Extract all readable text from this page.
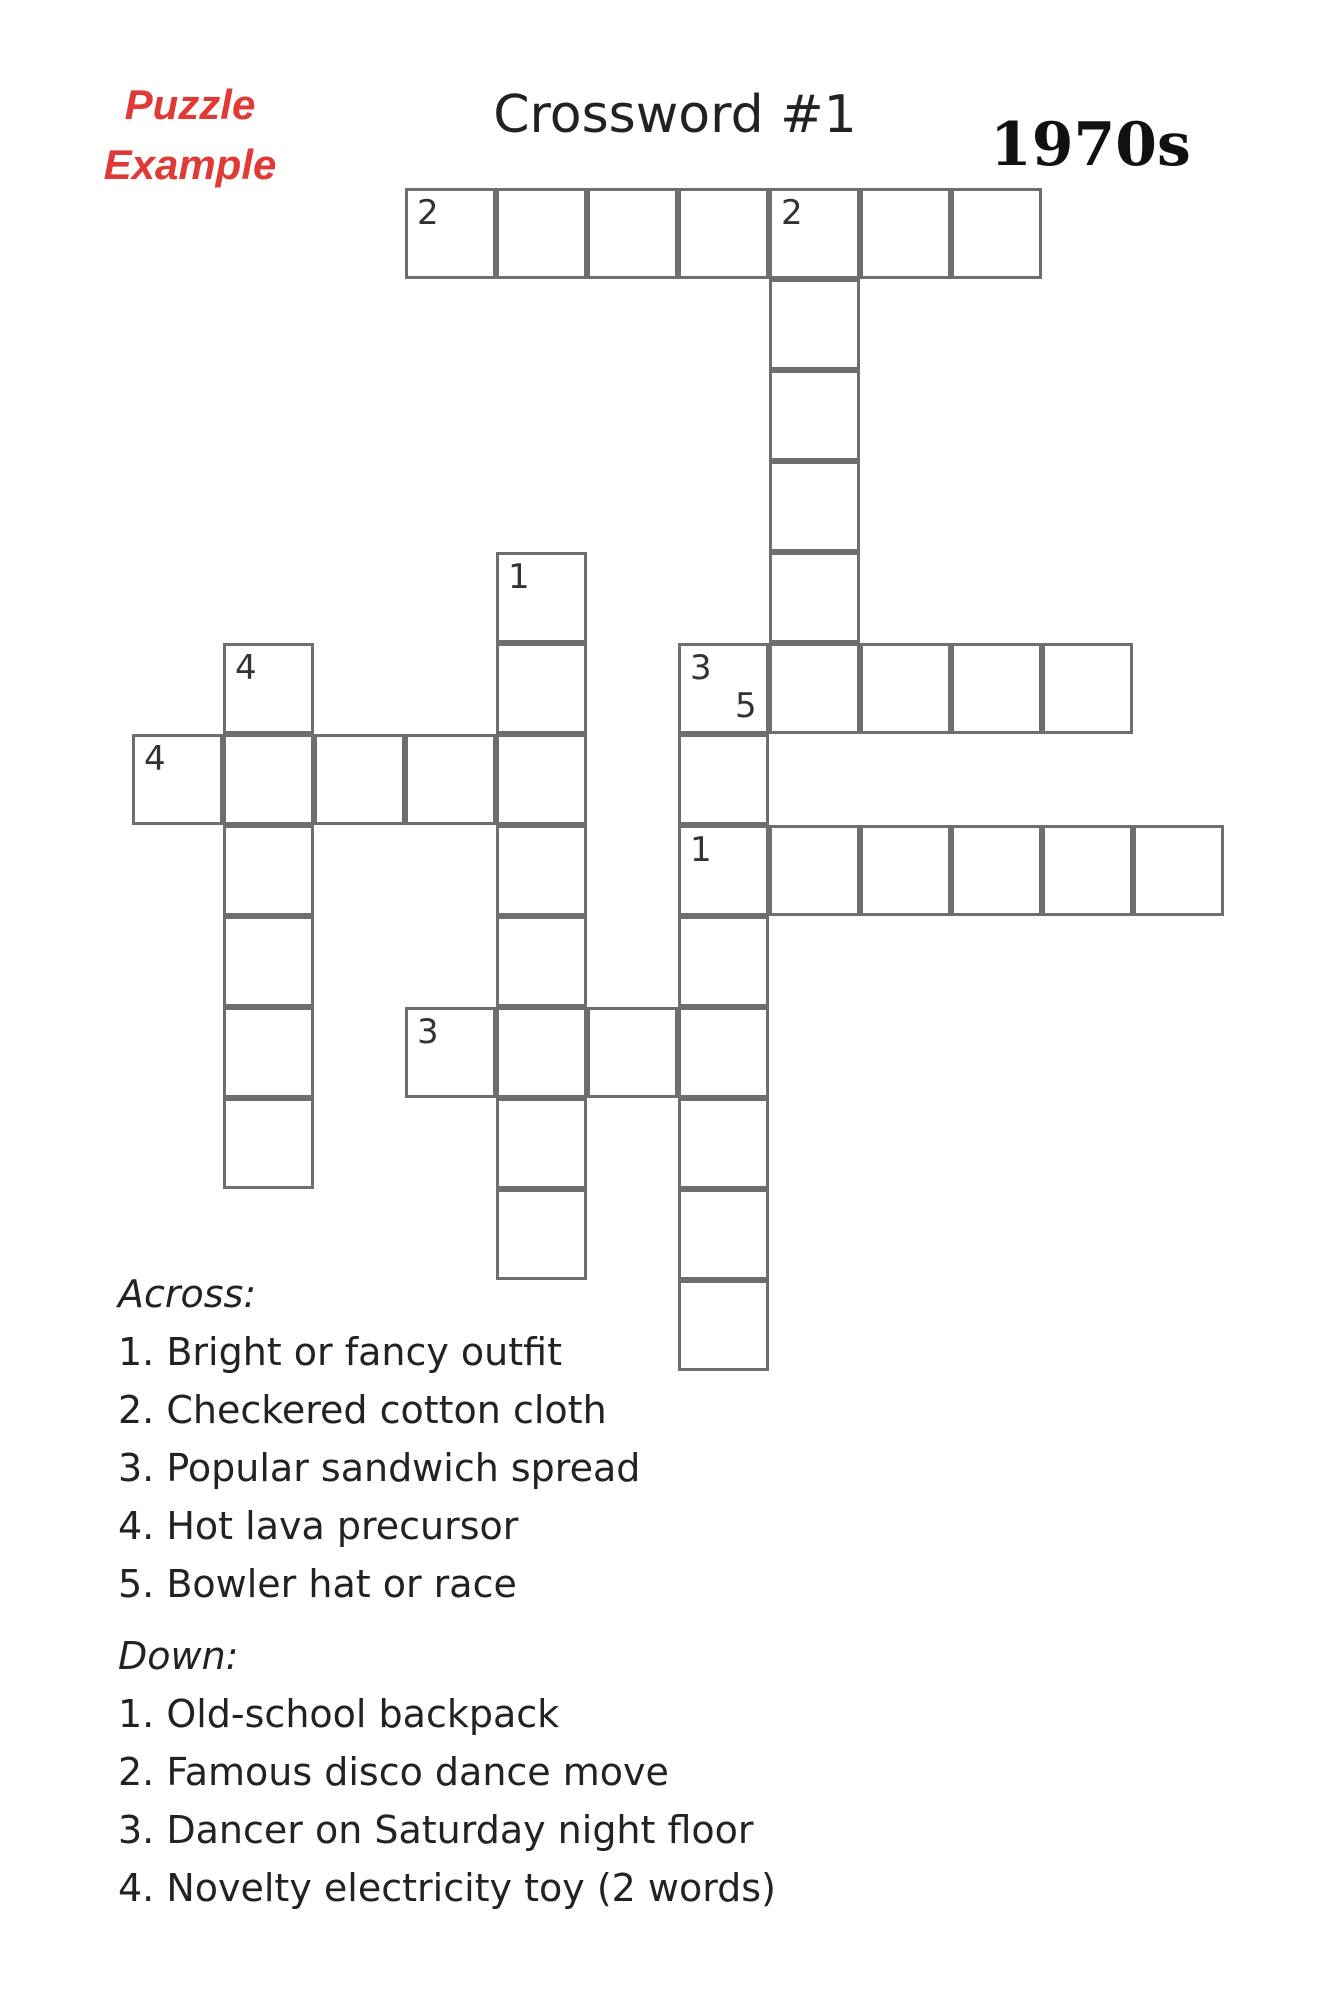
Puzzle
Example
Crossword #1	1970s
2	2
1
4	3
5
4
1
3
Across:
1. Bright or fancy outfit
2. Checkered cotton cloth
3. Popular sandwich spread
4. Hot lava precursor
5. Bowler hat or race
Down:
1. Old-school backpack
2. Famous disco dance move
3. Dancer on Saturday night floor
4. Novelty electricity toy (2 words)
